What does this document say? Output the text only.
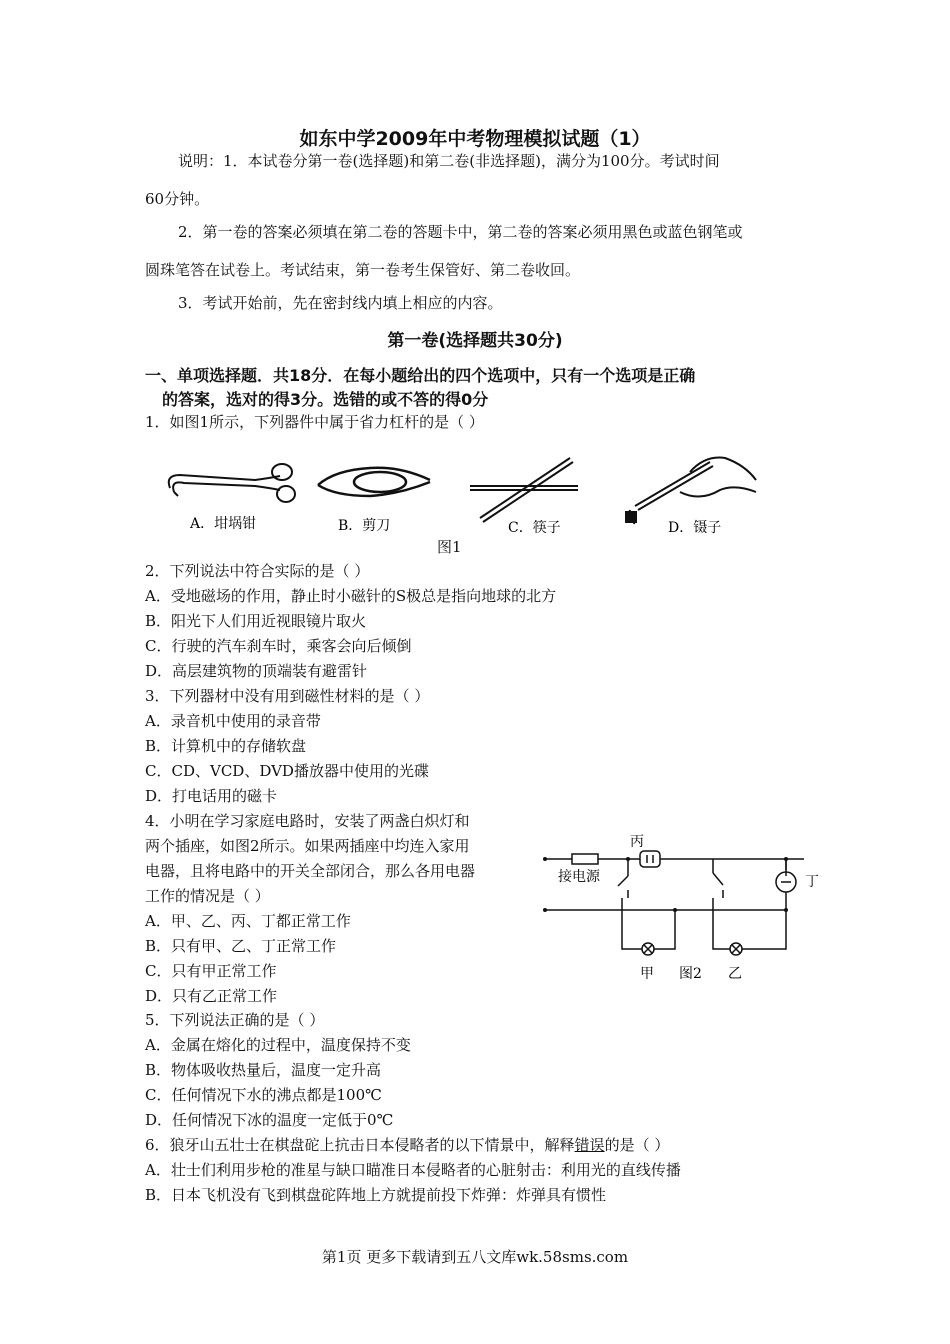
如东中学2009年中考物理模拟试题（1）
说明：1．本试卷分第一卷(选择题)和第二卷(非选择题)，满分为100分。考试时间
60分钟。
2．第一卷的答案必须填在第二卷的答题卡中，第二卷的答案必须用黑色或蓝色钢笔或
圆珠笔答在试卷上。考试结束，第一卷考生保管好、第二卷收回。
3．考试开始前，先在密封线内填上相应的内容。
第一卷(选择题共30分)
一、单项选择题．共18分．在每小题给出的四个选项中，只有一个选项是正确
的答案，选对的得3分。选错的或不答的得0分
1．如图1所示，下列器件中属于省力杠杆的是（ ）
A．坩埚钳	B．剪刀	C．筷子	D．镊子
图1
2．下列说法中符合实际的是（ ）
A．受地磁场的作用，静止时小磁针的S极总是指向地球的北方
B．阳光下人们用近视眼镜片取火
C．行驶的汽车刹车时，乘客会向后倾倒
D．高层建筑物的顶端装有避雷针
3．下列器材中没有用到磁性材料的是（ ）
A．录音机中使用的录音带
B．计算机中的存储软盘
C．CD、VCD、DVD播放器中使用的光碟
D．打电话用的磁卡
4．小明在学习家庭电路时，安装了两盏白炽灯和
两个插座，如图2所示。如果两插座中均连入家用
电器，且将电路中的开关全部闭合，那么各用电器
工作的情况是（ ）
A．甲、乙、丙、丁都正常工作
B．只有甲、乙、丁正常工作
C．只有甲正常工作
D．只有乙正常工作
接电源
丙
丁
甲 图2 乙
5．下列说法正确的是（ ）
A．金属在熔化的过程中，温度保持不变
B．物体吸收热量后，温度一定升高
C．任何情况下水的沸点都是100℃
D．任何情况下冰的温度一定低于0℃
6．狼牙山五壮士在棋盘砣上抗击日本侵略者的以下情景中，解释错误的是（ ）
A．壮士们利用步枪的准星与缺口瞄准日本侵略者的心脏射击：利用光的直线传播
B．日本飞机没有飞到棋盘砣阵地上方就提前投下炸弹：炸弹具有惯性
第1页 更多下载请到五八文库wk.58sms.com
